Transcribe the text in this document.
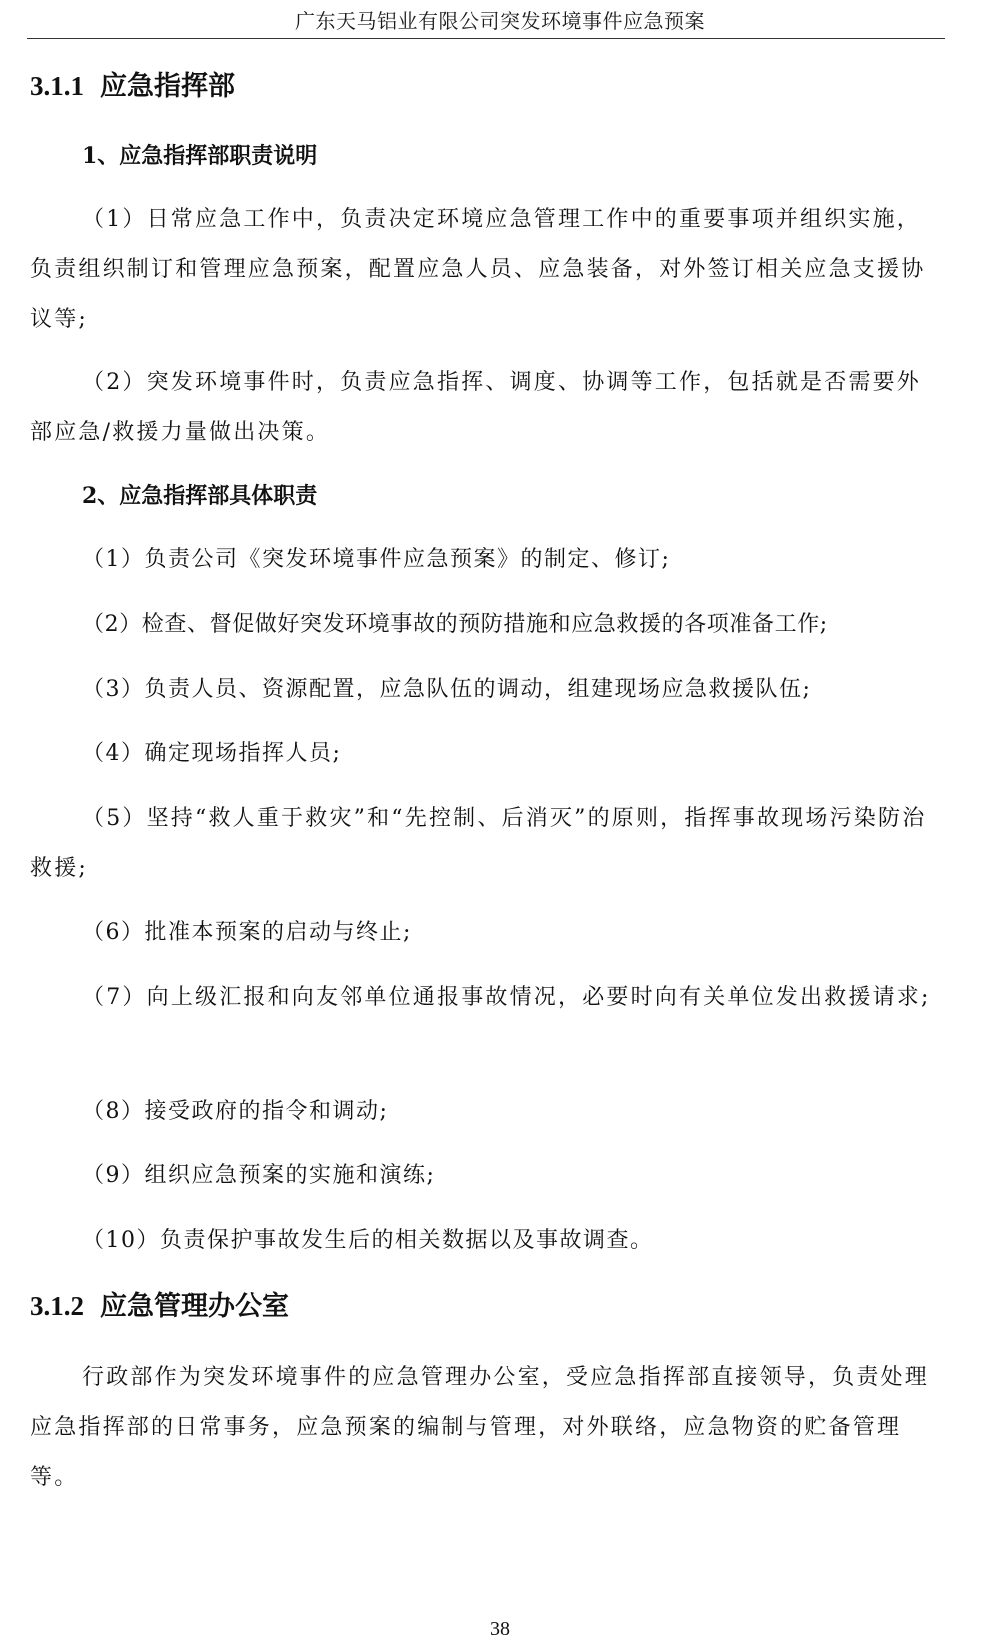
广东天马铝业有限公司突发环境事件应急预案
3.1.1 应急指挥部
1、应急指挥部职责说明

（1）日常应急工作中，负责决定环境应急管理工作中的重要事项并组织实施，负责组织制订和管理应急预案，配置应急人员、应急装备，对外签订相关应急支援协议等;

（2）突发环境事件时，负责应急指挥、调度、协调等工作，包括就是否需要外部应急/救援力量做出决策。

2、应急指挥部具体职责

（1）负责公司《突发环境事件应急预案》的制定、修订;

（2）检查、督促做好突发环境事故的预防措施和应急救援的各项准备工作;

（3）负责人员、资源配置，应急队伍的调动，组建现场应急救援队伍;

（4）确定现场指挥人员;

（5）坚持“救人重于救灾”和“先控制、后消灭”的原则，指挥事故现场污染防治救援;

（6）批准本预案的启动与终止;

（7）向上级汇报和向友邻单位通报事故情况，必要时向有关单位发出救援请求;

（8）接受政府的指令和调动;

（9）组织应急预案的实施和演练;

（10）负责保护事故发生后的相关数据以及事故调查。

3.1.2 应急管理办公室

行政部作为突发环境事件的应急管理办公室，受应急指挥部直接领导，负责处理应急指挥部的日常事务，应急预案的编制与管理，对外联络，应急物资的贮备管理等。

38
